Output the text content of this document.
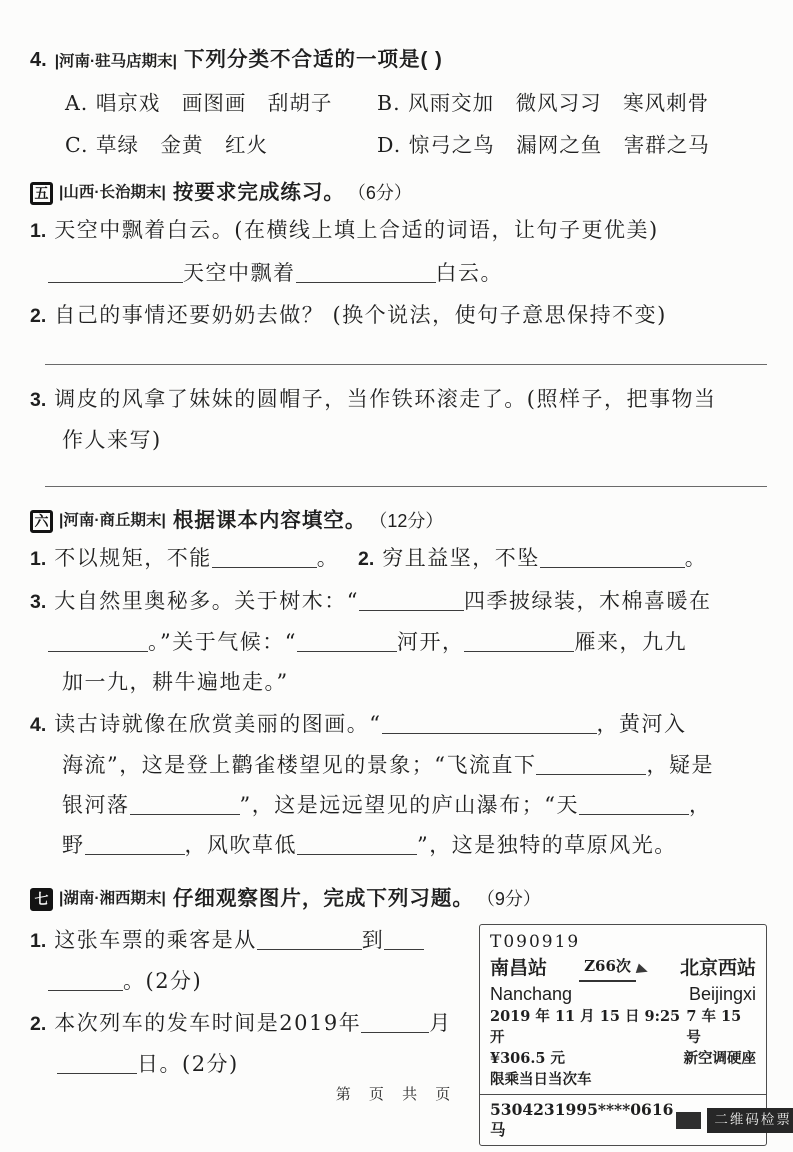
4. |河南·驻马店期末| 下列分类不合适的一项是( )
A. 唱京戏　画图画　刮胡子	B. 风雨交加　微风习习　寒风刺骨
C. 草绿　金黄　红火	D. 惊弓之鸟　漏网之鱼　害群之马
五 |山西·长治期末| 按要求完成练习。 （6分）
1. 天空中飘着白云。(在横线上填上合适的词语，让句子更优美)
天空中飘着	白云。
2. 自己的事情还要奶奶去做？ (换个说法，使句子意思保持不变)
3. 调皮的风拿了妹妹的圆帽子，当作铁环滚走了。(照样子，把事物当
作人来写)
六 |河南·商丘期末| 根据课本内容填空。 （12分）
1. 不以规矩，不能	。 2. 穷且益坚，不坠	。
3. 大自然里奥秘多。关于树木：“	四季披绿装，木棉喜暖在
。”关于气候：“	河开，	雁来，九九
加一九，耕牛遍地走。”
4. 读古诗就像在欣赏美丽的图画。“	，黄河入
海流”，这是登上鹳雀楼望见的景象；“飞流直下	，疑是
银河落	”，这是远远望见的庐山瀑布；“天	，
野	，风吹草低	”，这是独特的草原风光。
七 |湖南·湘西期末| 仔细观察图片，完成下列习题。 （9分）
T090919
南昌站	Z66次	北京西站
Nanchang	Beijingxi
2019 年 11 月 15 日 9:25 开
7 车 15 号
¥306.5 元	新空调硬座
限乘当日当次车
5304231995****0616 马
二维码检票
1. 这张车票的乘客是从	到
。(2分)
2. 本次列车的发车时间是2019年	月
日。(2分)
第 页 共 页
